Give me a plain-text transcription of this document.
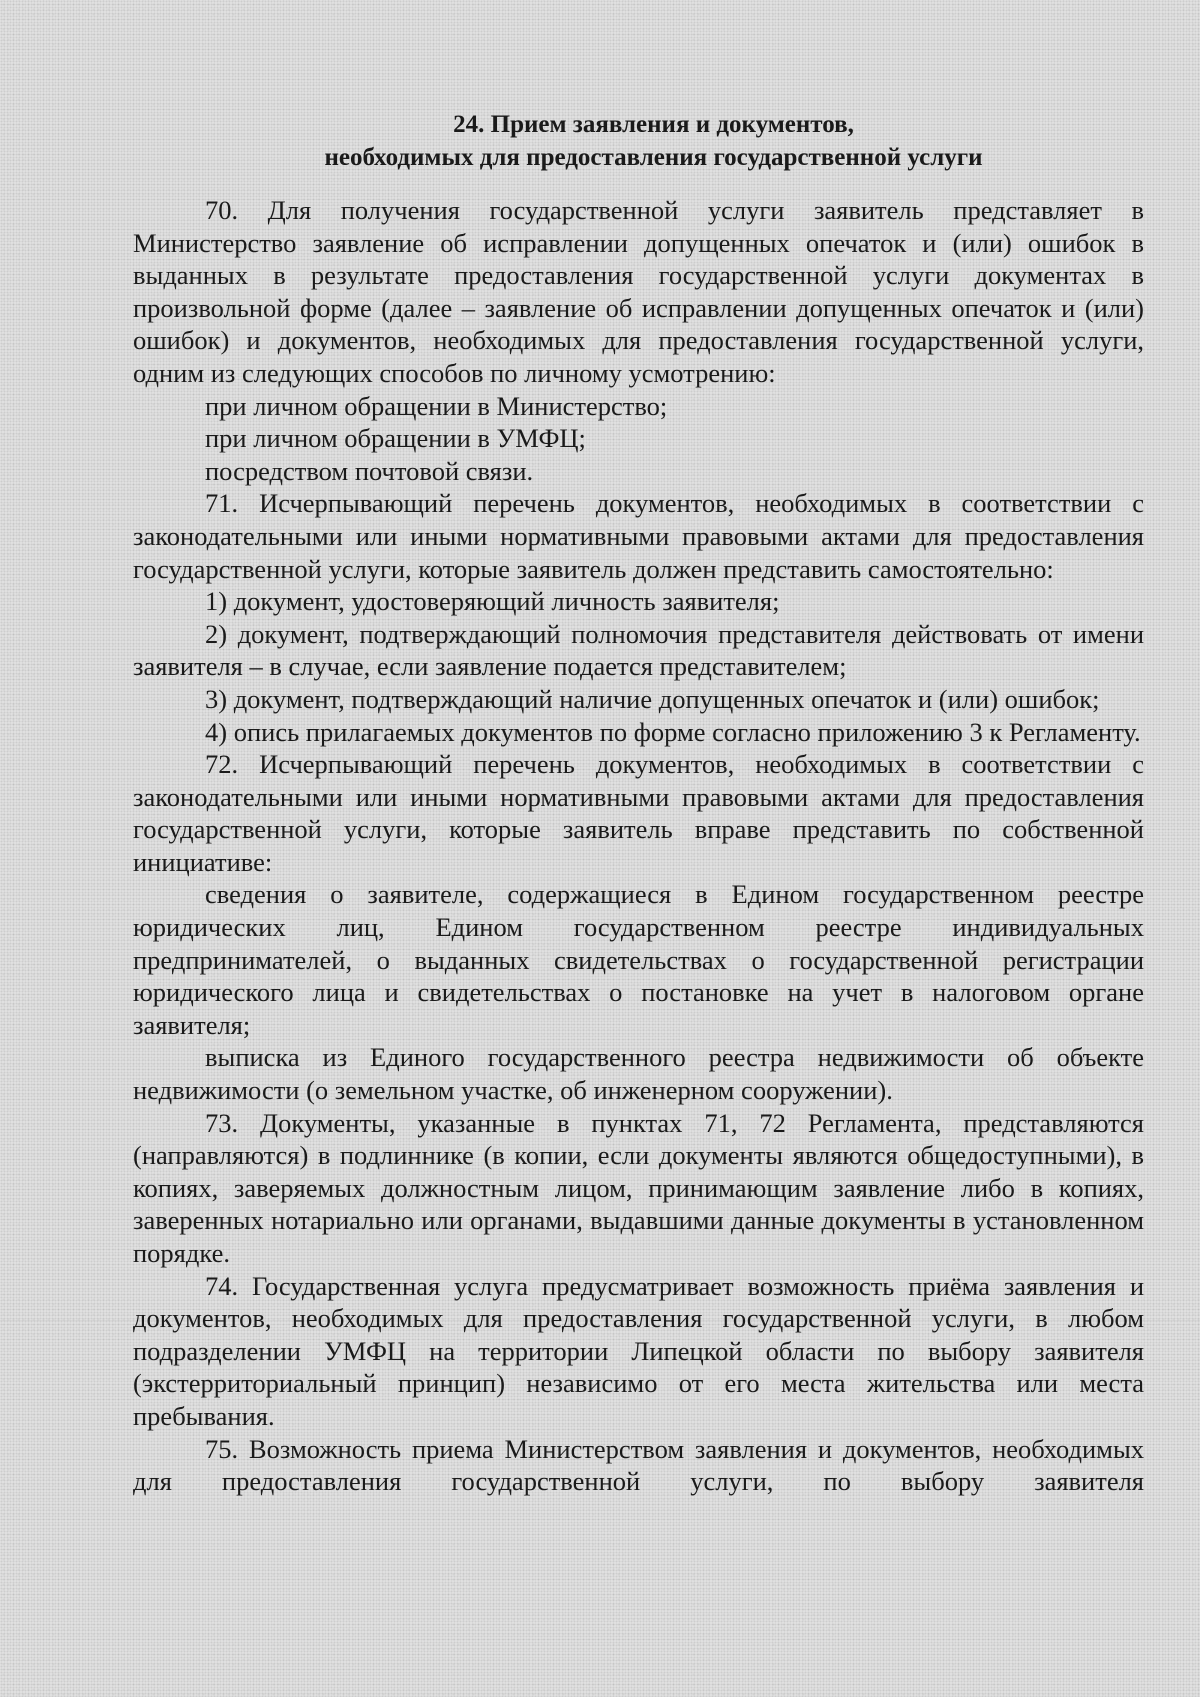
24. Прием заявления и документов,
необходимых для предоставления государственной услуги

70. Для получения государственной услуги заявитель представляет в Министерство заявление об исправлении допущенных опечаток и (или) ошибок в выданных в результате предоставления государственной услуги документах в произвольной форме (далее – заявление об исправлении допущенных опечаток и (или) ошибок) и документов, необходимых для предоставления государственной услуги, одним из следующих способов по личному усмотрению:

при личном обращении в Министерство;

при личном обращении в УМФЦ;

посредством почтовой связи.

71. Исчерпывающий перечень документов, необходимых в соответствии с законодательными или иными нормативными правовыми актами для предоставления государственной услуги, которые заявитель должен представить самостоятельно:

1) документ, удостоверяющий личность заявителя;

2) документ, подтверждающий полномочия представителя действовать от имени заявителя – в случае, если заявление подается представителем;

3) документ, подтверждающий наличие допущенных опечаток и (или) ошибок;

4) опись прилагаемых документов по форме согласно приложению 3 к Регламенту.

72. Исчерпывающий перечень документов, необходимых в соответствии с законодательными или иными нормативными правовыми актами для предоставления государственной услуги, которые заявитель вправе представить по собственной инициативе:

сведения о заявителе, содержащиеся в Едином государственном реестре юридических лиц, Едином государственном реестре индивидуальных предпринимателей, о выданных свидетельствах о государственной регистрации юридического лица и свидетельствах о постановке на учет в налоговом органе заявителя;

выписка из Единого государственного реестра недвижимости об объекте недвижимости (о земельном участке, об инженерном сооружении).

73. Документы, указанные в пунктах 71, 72 Регламента, представляются (направляются) в подлиннике (в копии, если документы являются общедоступными), в копиях, заверяемых должностным лицом, принимающим заявление либо в копиях, заверенных нотариально или органами, выдавшими данные документы в установленном порядке.

74. Государственная услуга предусматривает возможность приёма заявления и документов, необходимых для предоставления государственной услуги, в любом подразделении УМФЦ на территории Липецкой области по выбору заявителя (экстерриториальный принцип) независимо от его места жительства или места пребывания.

75. Возможность приема Министерством заявления и документов, необходимых для предоставления государственной услуги, по выбору заявителя
